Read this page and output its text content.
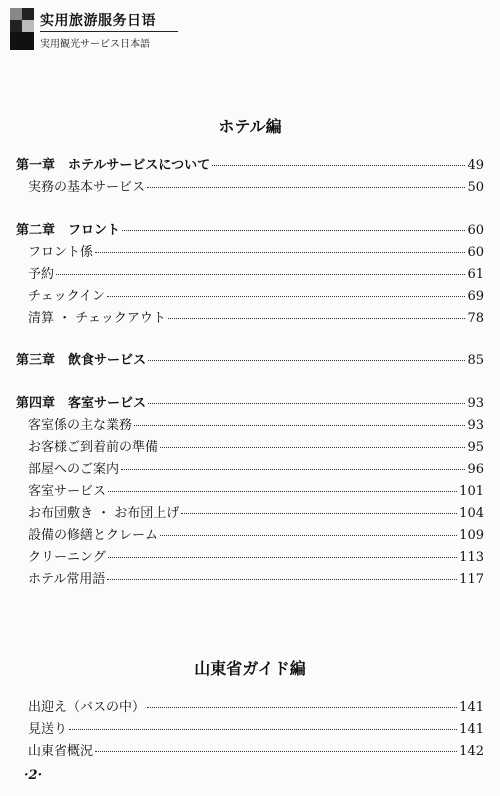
实用旅游服务日语
実用観光サービス日本語
ホテル編
第一章　ホテルサービスについて	49
実務の基本サービス	50
第二章　フロント	60
フロント係	60
予約	61
チェックイン	69
清算 ・ チェックアウト	78
第三章　飲食サービス	85
第四章　客室サービス	93
客室係の主な業務	93
お客様ご到着前の準備	95
部屋へのご案内	96
客室サービス	101
お布団敷き ・ お布団上げ	104
設備の修繕とクレーム	109
クリーニング	113
ホテル常用語	117
山東省ガイド編
出迎え（バスの中）	141
見送り	141
山東省概況	142
·2·
